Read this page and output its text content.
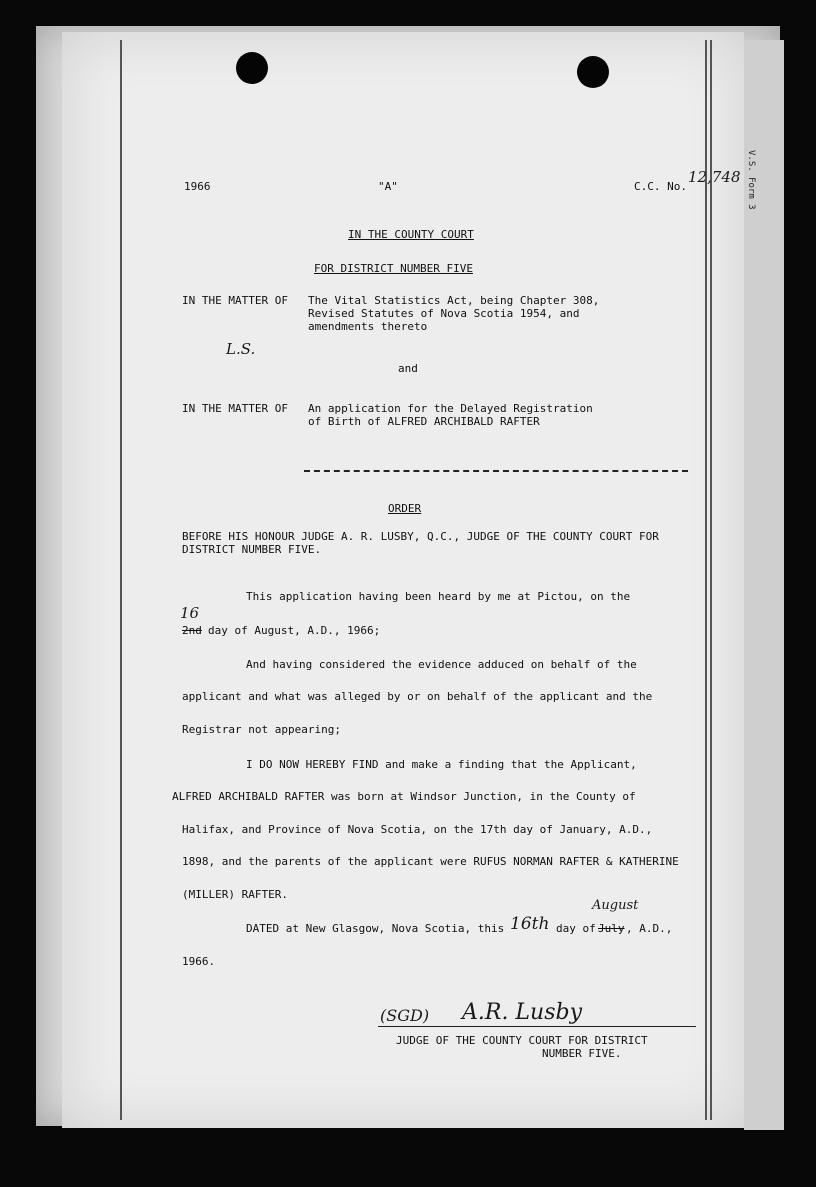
V.S. Form 3
1966	"A"	C.C. No.
12,748
IN THE COUNTY COURT
FOR DISTRICT NUMBER FIVE
IN THE MATTER OF The Vital Statistics Act, being Chapter 308,
Revised Statutes of Nova Scotia 1954, and
amendments thereto
L.S.
and
IN THE MATTER OF An application for the Delayed Registration
of Birth of ALFRED ARCHIBALD RAFTER
ORDER
BEFORE HIS HONOUR JUDGE A. R. LUSBY, Q.C., JUDGE OF THE COUNTY COURT FOR
DISTRICT NUMBER FIVE.
This application having been heard by me at Pictou, on the
16
2nd day of August, A.D., 1966;
And having considered the evidence adduced on behalf of the
applicant and what was alleged by or on behalf of the applicant and the
Registrar not appearing;
I DO NOW HEREBY FIND and make a finding that the Applicant,
ALFRED ARCHIBALD RAFTER was born at Windsor Junction, in the County of
Halifax, and Province of Nova Scotia, on the 17th day of January, A.D.,
1898, and the parents of the applicant were RUFUS NORMAN RAFTER & KATHERINE
(MILLER) RAFTER.
DATED at New Glasgow, Nova Scotia, this 16th day of July
August
, A.D.,
1966.
(SGD) A.R. Lusby
JUDGE OF THE COUNTY COURT FOR DISTRICT
NUMBER FIVE.
